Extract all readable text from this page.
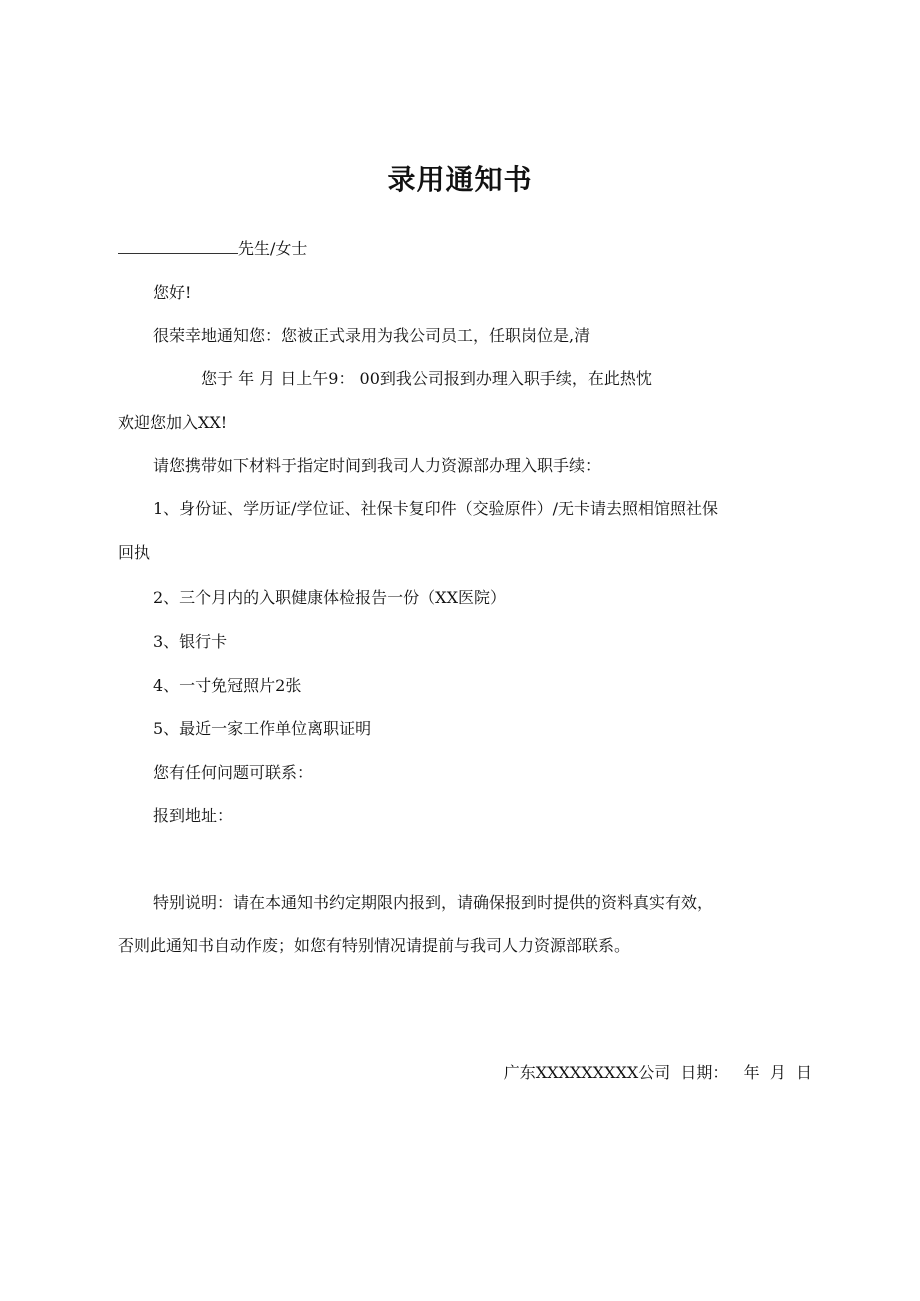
录用通知书
先生/女士
您好!
很荣幸地通知您：您被正式录用为我公司员工，任职岗位是,清
您于 年 月 日上午9： 00到我公司报到办理入职手续，在此热忱
欢迎您加入XX!
请您携带如下材料于指定时间到我司人力资源部办理入职手续：
1、身份证、学历证/学位证、社保卡复印件（交验原件）/无卡请去照相馆照社保
回执
2、三个月内的入职健康体检报告一份（XX医院）
3、银行卡
4、一寸免冠照片2张
5、最近一家工作单位离职证明
您有任何问题可联系：
报到地址：
特别说明：请在本通知书约定期限内报到，请确保报到时提供的资料真实有效，
否则此通知书自动作废；如您有特别情况请提前与我司人力资源部联系。
广东XXXXXXXXX公司  日期：   年  月  日
